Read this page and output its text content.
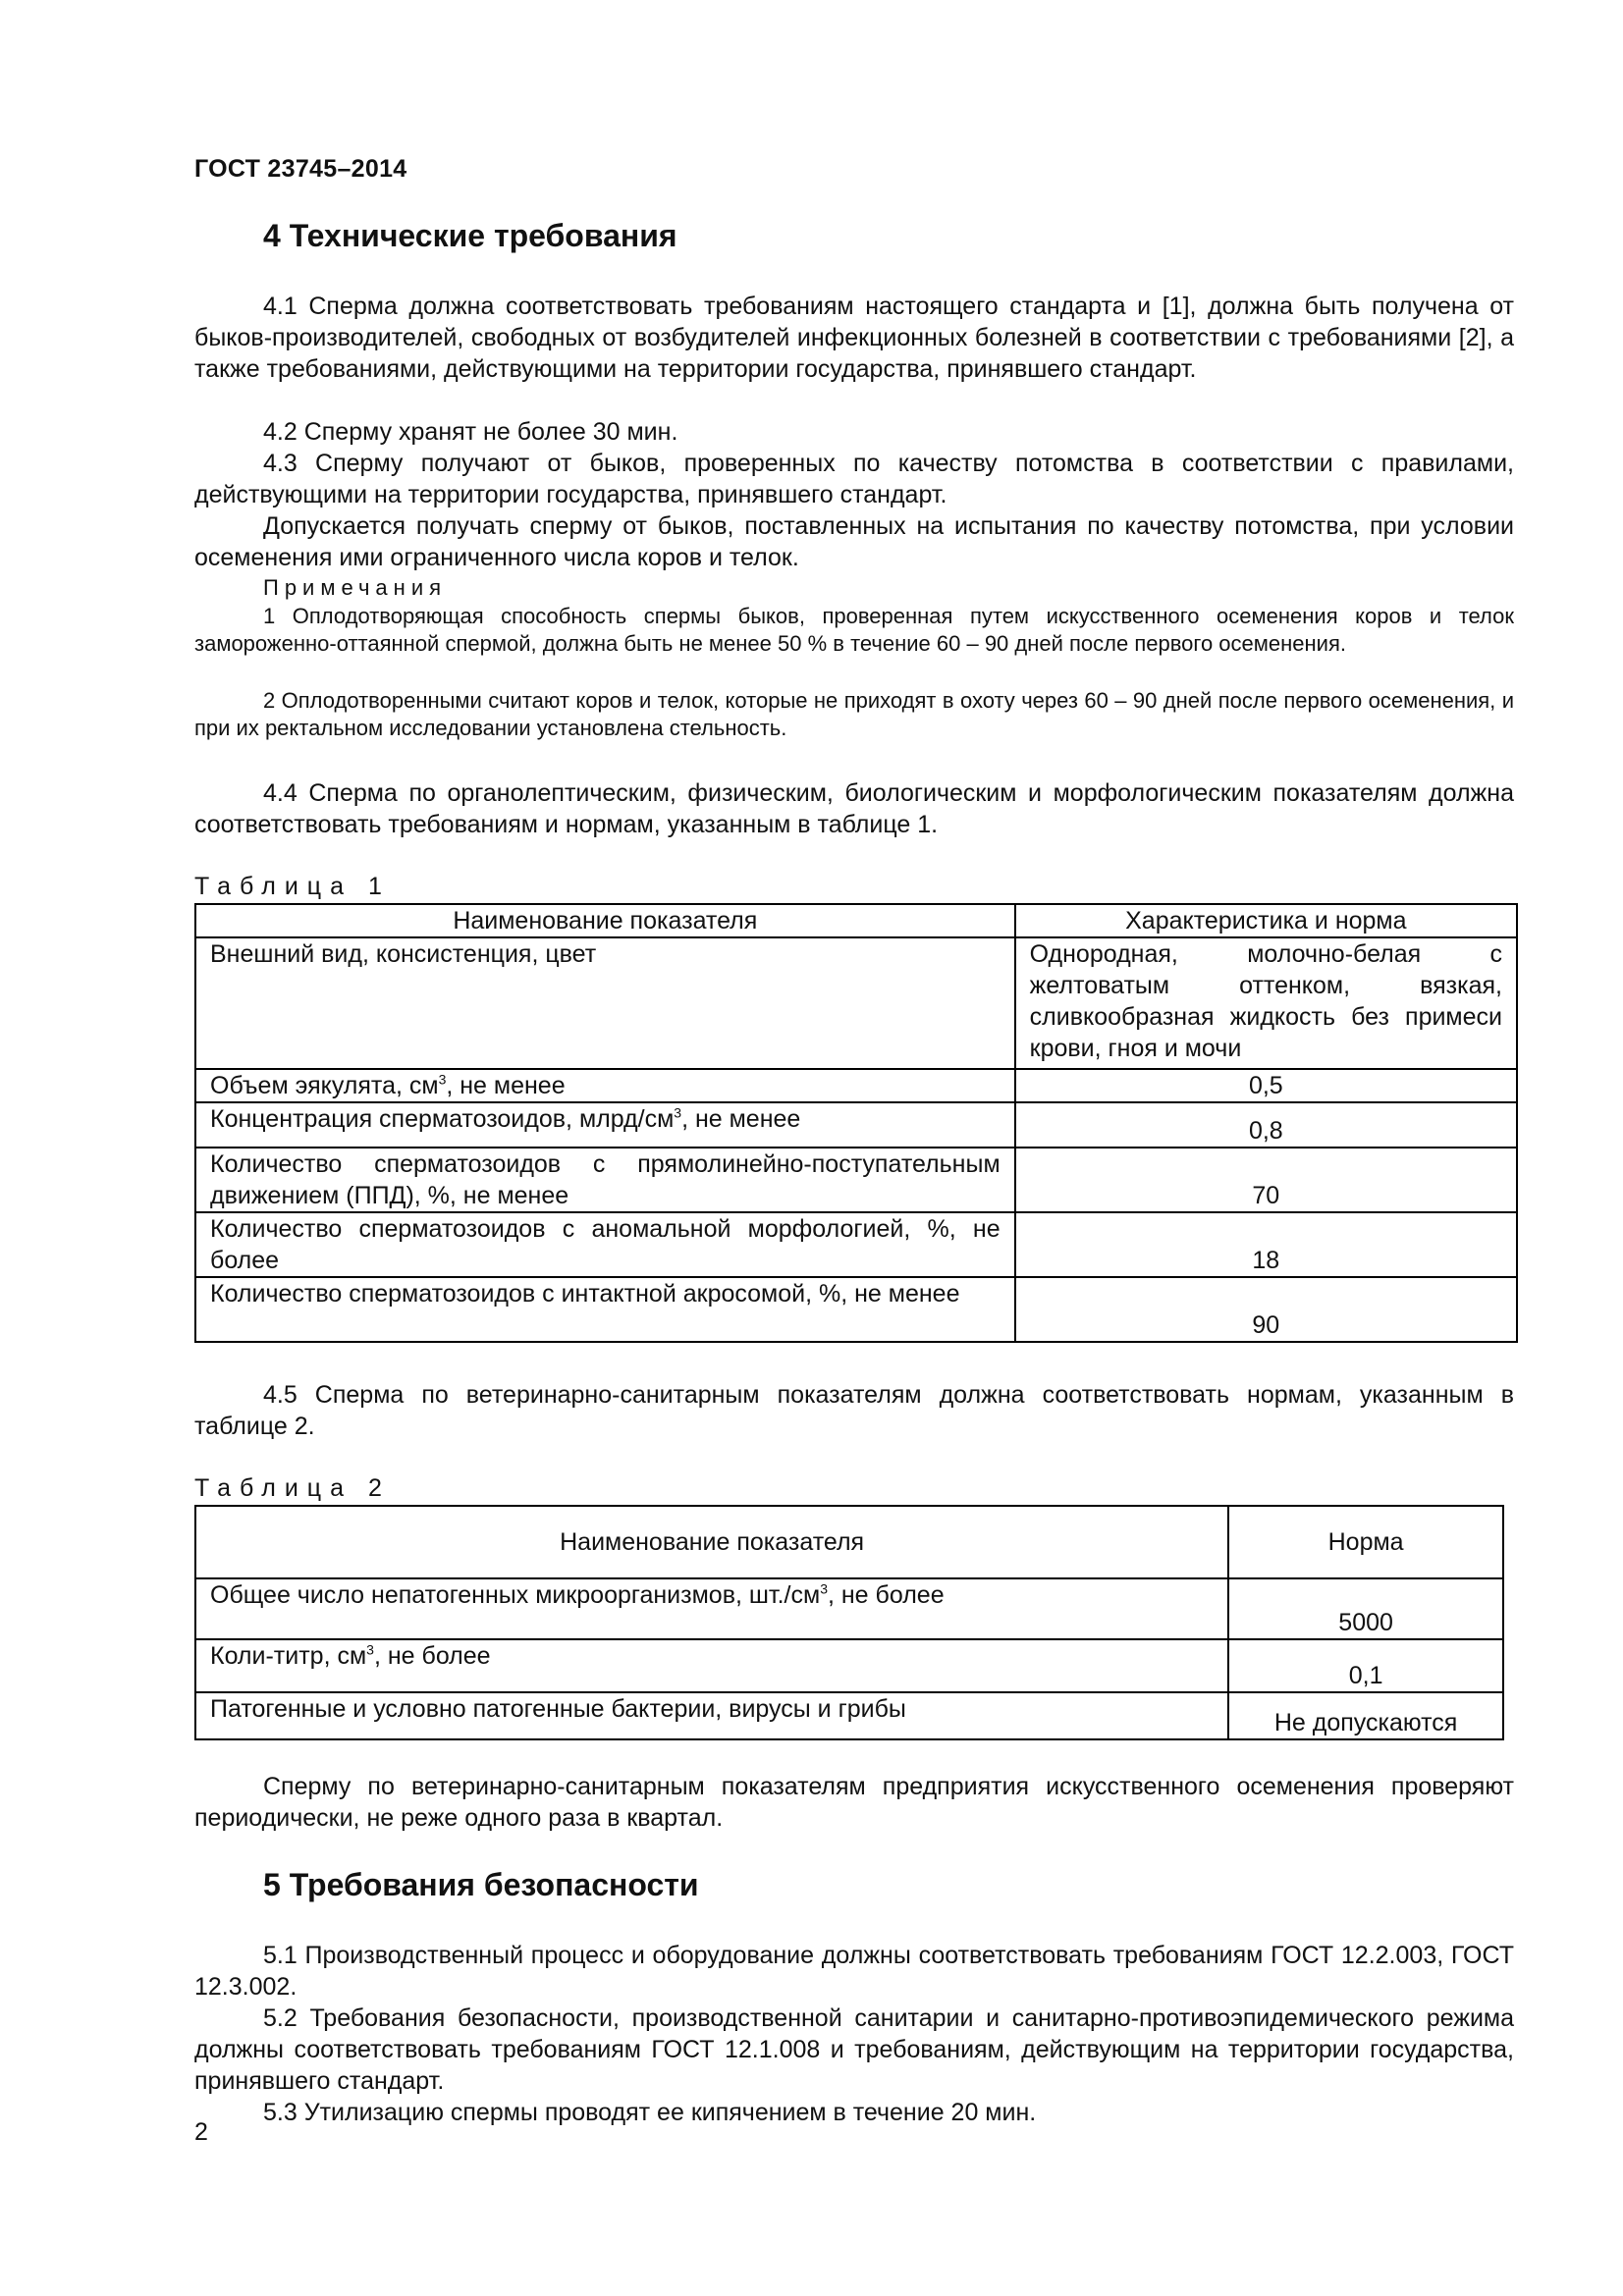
ГОСТ 23745–2014
4 Технические требования

4.1 Сперма должна соответствовать требованиям настоящего стандарта и [1], должна быть получена от быков-производителей, свободных от возбудителей инфекционных болезней в соответствии с требованиями [2], а также требованиями, действующими на территории государства, принявшего стандарт.

4.2 Сперму хранят не более 30 мин.

4.3 Сперму получают от быков, проверенных по качеству потомства в соответствии с правилами, действующими на территории государства, принявшего стандарт.

Допускается получать сперму от быков, поставленных на испытания по качеству потомства, при условии осеменения ими ограниченного числа коров и телок.

Примечания

1 Оплодотворяющая способность спермы быков, проверенная путем искусственного осеменения коров и телок замороженно-оттаянной спермой, должна быть не менее 50 % в течение 60 – 90 дней после первого осеменения.

2 Оплодотворенными считают коров и телок, которые не приходят в охоту через 60 – 90 дней после первого осеменения, и при их ректальном исследовании установлена стельность.

4.4 Сперма по органолептическим, физическим, биологическим и морфологическим показателям должна соответствовать требованиям и нормам, указанным в таблице 1.

Таблица 1
Наименование показателя	Характеристика и норма
Внешний вид, консистенция, цвет	Однородная, молочно-белая с желтоватым оттенком, вязкая, сливкообразная жидкость без примеси крови, гноя и мочи
Объем эякулята, $см^3$, не менее	0,5
Концентрация сперматозоидов, млрд/$см^3$, не менее	0,8
Количество сперматозоидов с прямолинейно-поступательным движением (ППД), %, не менее	70
Количество сперматозоидов с аномальной морфологией, %, не более	18
Количество сперматозоидов с интактной акросомой, %, не менее	90

4.5 Сперма по ветеринарно-санитарным показателям должна соответствовать нормам, указанным в таблице 2.

Таблица 2
Наименование показателя	Норма
Общее число непатогенных микроорганизмов, $шт./см^3$, не более	5000
Коли-титр, $см^3$, не более	0,1
Патогенные и условно патогенные бактерии, вирусы и грибы	Не допускаются

Сперму по ветеринарно-санитарным показателям предприятия искусственного осеменения проверяют периодически, не реже одного раза в квартал.

5 Требования безопасности

5.1 Производственный процесс и оборудование должны соответствовать требованиям ГОСТ 12.2.003, ГОСТ 12.3.002.

5.2 Требования безопасности, производственной санитарии и санитарно-противоэпидемического режима должны соответствовать требованиям ГОСТ 12.1.008 и требованиям, действующим на территории государства, принявшего стандарт.

5.3 Утилизацию спермы проводят ее кипячением в течение 20 мин.

2
